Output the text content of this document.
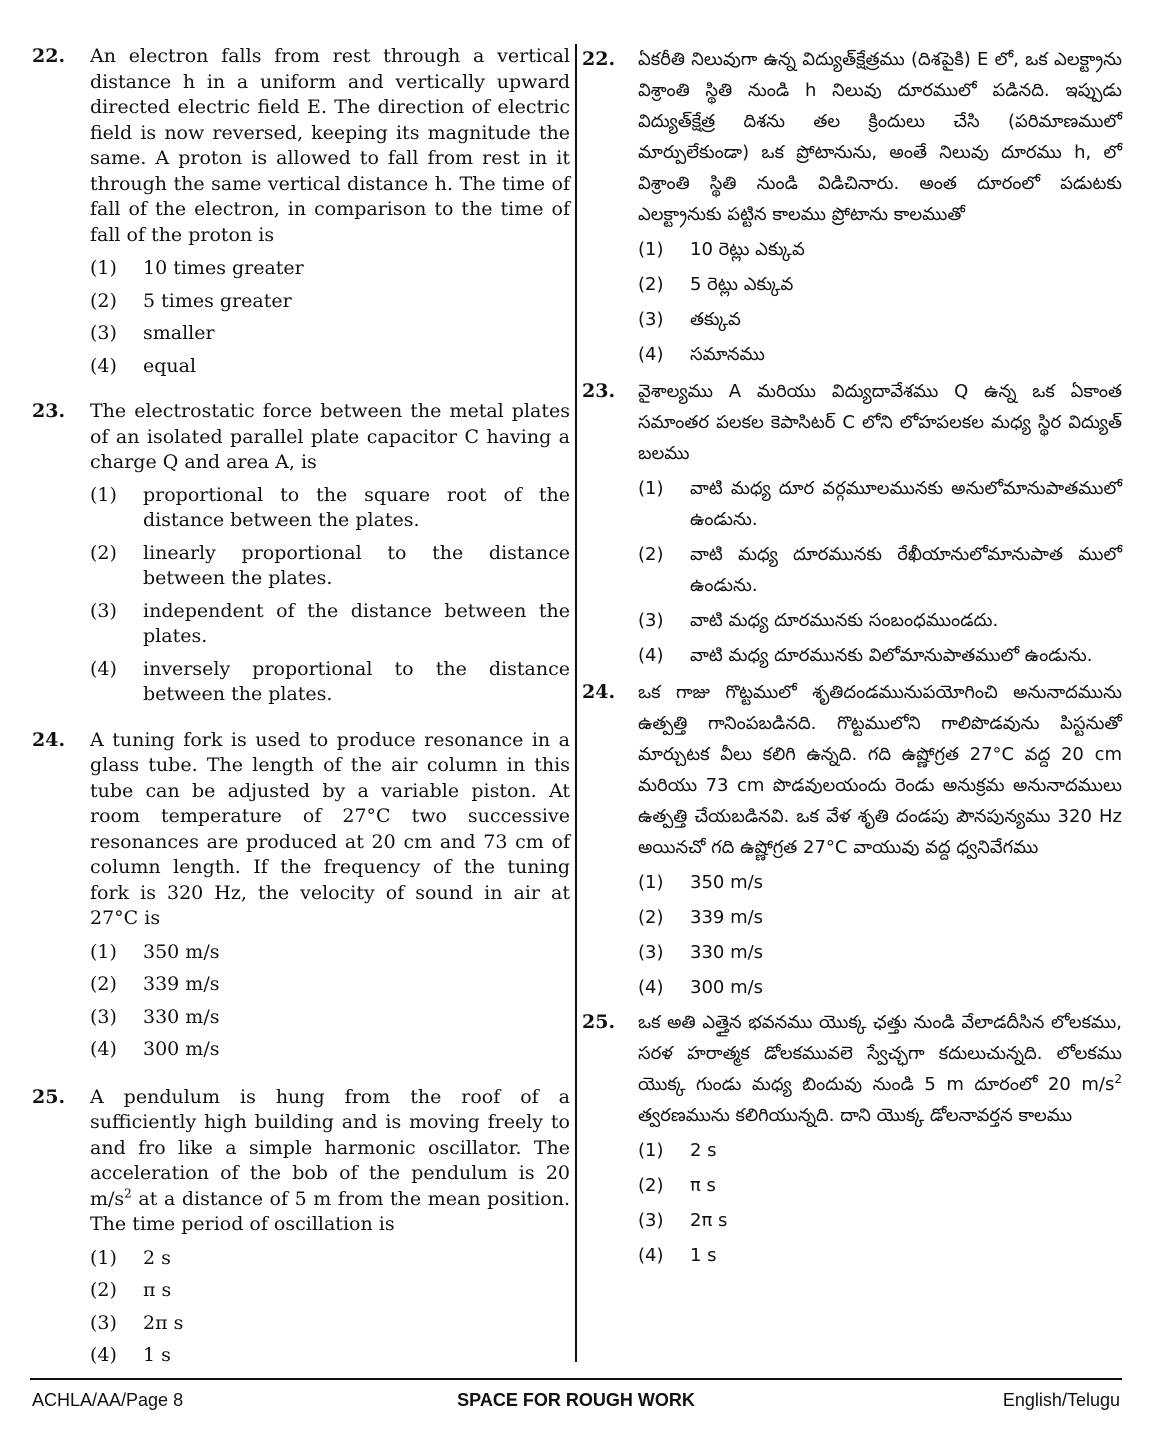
22.	An electron falls from rest through a vertical distance h in a uniform and vertically upward directed electric field E. The direction of electric field is now reversed, keeping its magnitude the same. A proton is allowed to fall from rest in it through the same vertical distance h. The time of fall of the electron, in comparison to the time of fall of the proton is
(1)	10 times greater
(2)	5 times greater
(3)	smaller
(4)	equal
23.	The electrostatic force between the metal plates of an isolated parallel plate capacitor C having a charge Q and area A, is
(1)	proportional to the square root of the distance between the plates.
(2)	linearly proportional to the distance between the plates.
(3)	independent of the distance between the plates.
(4)	inversely proportional to the distance between the plates.
24.	A tuning fork is used to produce resonance in a glass tube. The length of the air column in this tube can be adjusted by a variable piston. At room temperature of 27°C two successive resonances are produced at 20 cm and 73 cm of column length. If the frequency of the tuning fork is 320 Hz, the velocity of sound in air at 27°C is
(1)	350 m/s
(2)	339 m/s
(3)	330 m/s
(4)	300 m/s
25.	A pendulum is hung from the roof of a sufficiently high building and is moving freely to and fro like a simple harmonic oscillator. The acceleration of the bob of the pendulum is 20 $m/s^2$ at a distance of 5 m from the mean position. The time period of oscillation is
(1)	2 s
(2)	π s
(3)	2π s
(4)	1 s
22.	ఏకరీతి నిలువుగా ఉన్న విద్యుత్‌క్షేత్రము (దిశపైకి) E లో, ఒక ఎలక్ట్రాను విశ్రాంతి స్థితి నుండి h నిలువు దూరములో పడినది. ఇప్పుడు విద్యుత్‌క్షేత్ర దిశను తల క్రిందులు చేసి (పరిమాణములో మార్పులేకుండా) ఒక ప్రోటానును, అంతే నిలువు దూరము h, లో విశ్రాంతి స్థితి నుండి విడిచినారు. అంత దూరంలో పడుటకు ఎలక్ట్రానుకు పట్టిన కాలము ప్రోటాను కాలముతో
(1)	10 రెట్లు ఎక్కువ
(2)	5 రెట్లు ఎక్కువ
(3)	తక్కువ
(4)	సమానము
23.	వైశాల్యము A మరియు విద్యుదావేశము Q ఉన్న ఒక ఏకాంత సమాంతర పలకల కెపాసిటర్ C లోని లోహపలకల మధ్య స్థిర విద్యుత్ బలము
(1)	వాటి మధ్య దూర వర్గమూలమునకు అనులోమానుపాతములో ఉండును.
(2)	వాటి మధ్య దూరమునకు రేఖీయానులోమానుపాత ములో ఉండును.
(3)	వాటి మధ్య దూరమునకు సంబంధముండదు.
(4)	వాటి మధ్య దూరమునకు విలోమానుపాతములో ఉండును.
24.	ఒక గాజు గొట్టములో శృతిదండమునుపయోగించి అనునాదమును ఉత్పత్తి గానింపబడినది. గొట్టములోని గాలిపొడవును పిస్టనుతో మార్చుటక వీలు కలిగి ఉన్నది. గది ఉష్ణోగ్రత 27°C వద్ద 20 cm మరియు 73 cm పొడవులయందు రెండు అనుక్రమ అనునాదములు ఉత్పత్తి చేయబడినవి. ఒక వేళ శృతి దండపు పౌనపున్యము 320 Hz అయినచో గది ఉష్ణోగ్రత 27°C వాయువు వద్ద ధ్వనివేగము
(1)	350 m/s
(2)	339 m/s
(3)	330 m/s
(4)	300 m/s
25.	ఒక అతి ఎత్తైన భవనము యొక్క ఛత్తు నుండి వేలాడదీసిన లోలకము, సరళ హరాత్మక డోలకమువలె స్వేచ్ఛగా కదులుచున్నది. లోలకము యొక్క గుండు మధ్య బిందువు నుండి 5 m దూరంలో 20 $m/s^2$ త్వరణమును కలిగియున్నది. దాని యొక్క డోలనావర్తన కాలము
(1)	2 s
(2)	π s
(3)	2π s
(4)	1 s
ACHLA/AA/Page 8	SPACE FOR ROUGH WORK	English/Telugu
